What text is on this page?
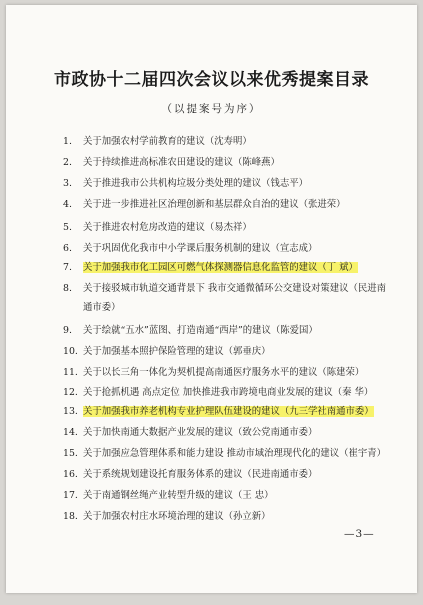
市政协十二届四次会议以来优秀提案目录
（以提案号为序）
1. 关于加强农村学前教育的建议（沈寿明）
2. 关于持续推进高标准农田建设的建议（陈峰燕）
3. 关于推进我市公共机构垃圾分类处理的建议（钱志平）
4. 关于进一步推进社区治理创新和基层群众自治的建议（张进荣）
5. 关于推进农村危房改造的建议（易杰祥）
6. 关于巩固优化我市中小学课后服务机制的建议（宣志成）
7. 关于加强我市化工园区可燃气体探测器信息化监管的建议（丁 斌）
8. 关于接驳城市轨道交通背景下 我市交通微循环公交建设对策建议（民进南
通市委）
9. 关于绘就“五水”蓝图、打造南通“西岸”的建议（陈爱国）
10. 关于加强基本照护保险管理的建议（郭垂庆）
11. 关于以长三角一体化为契机提高南通医疗服务水平的建议（陈建荣）
12. 关于抢抓机遇 高点定位 加快推进我市跨境电商业发展的建议（秦 华）
13. 关于加强我市养老机构专业护理队伍建设的建议（九三学社南通市委）
14. 关于加快南通大数据产业发展的建议（致公党南通市委）
15. 关于加强应急管理体系和能力建设 推动市域治理现代化的建议（崔宇青）
16. 关于系统规划建设托育服务体系的建议（民进南通市委）
17. 关于南通钢丝绳产业转型升级的建议（王 忠）
18. 关于加强农村庄水环境治理的建议（孙立新）
—3—
